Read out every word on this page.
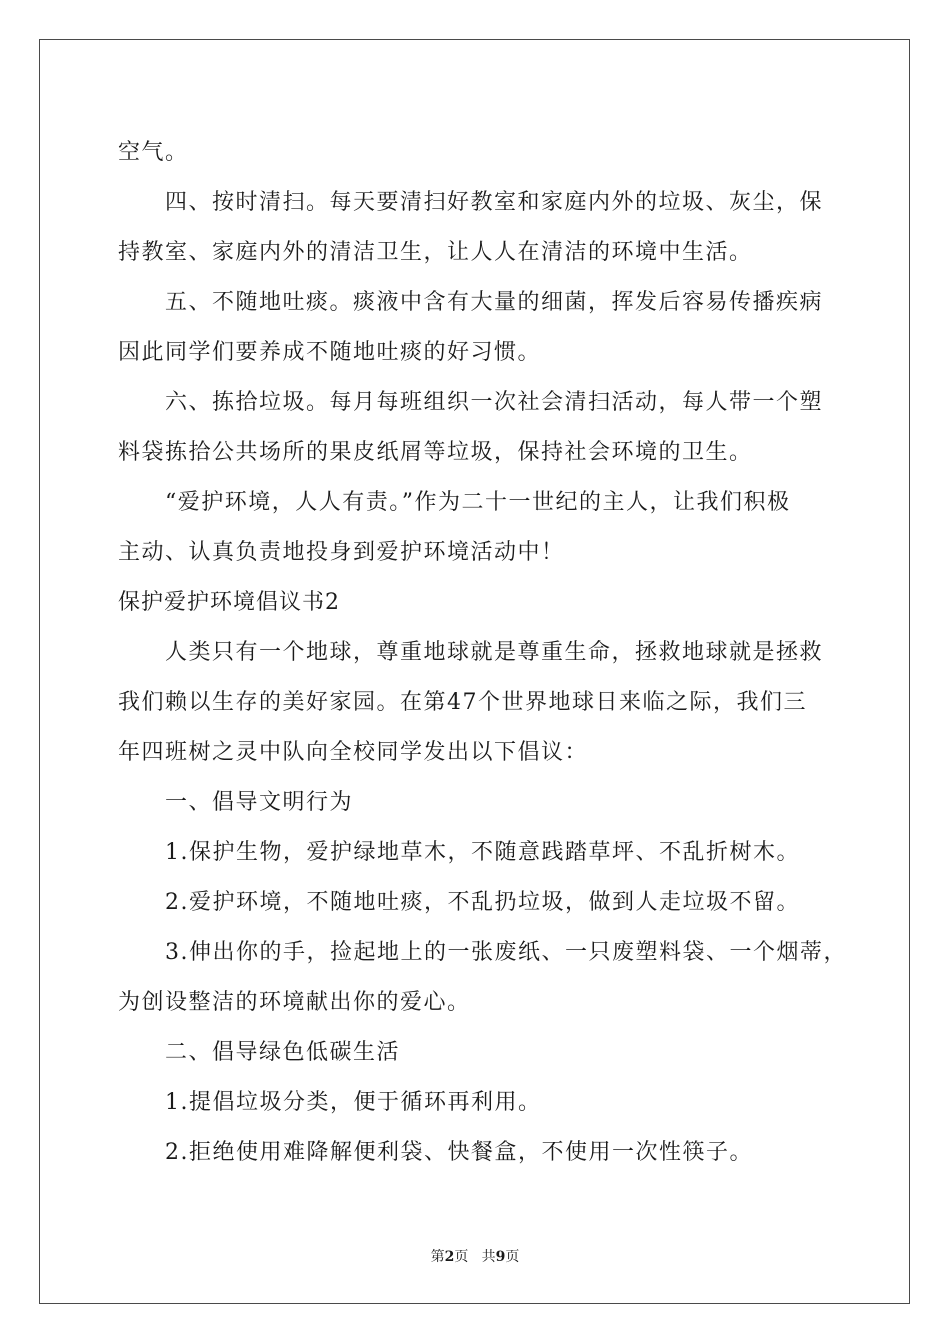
空气。
四、按时清扫。每天要清扫好教室和家庭内外的垃圾、灰尘，保
持教室、家庭内外的清洁卫生，让人人在清洁的环境中生活。
五、不随地吐痰。痰液中含有大量的细菌，挥发后容易传播疾病
因此同学们要养成不随地吐痰的好习惯。
六、拣拾垃圾。每月每班组织一次社会清扫活动，每人带一个塑
料袋拣拾公共场所的果皮纸屑等垃圾，保持社会环境的卫生。
“爱护环境，人人有责。”作为二十一世纪的主人，让我们积极
主动、认真负责地投身到爱护环境活动中！
保护爱护环境倡议书2
人类只有一个地球，尊重地球就是尊重生命，拯救地球就是拯救
我们赖以生存的美好家园。在第47个世界地球日来临之际，我们三
年四班树之灵中队向全校同学发出以下倡议：
一、倡导文明行为
1.保护生物，爱护绿地草木，不随意践踏草坪、不乱折树木。
2.爱护环境，不随地吐痰，不乱扔垃圾，做到人走垃圾不留。
3.伸出你的手，捡起地上的一张废纸、一只废塑料袋、一个烟蒂，
为创设整洁的环境献出你的爱心。
二、倡导绿色低碳生活
1.提倡垃圾分类，便于循环再利用。
2.拒绝使用难降解便利袋、快餐盒，不使用一次性筷子。
第2页 共9页
